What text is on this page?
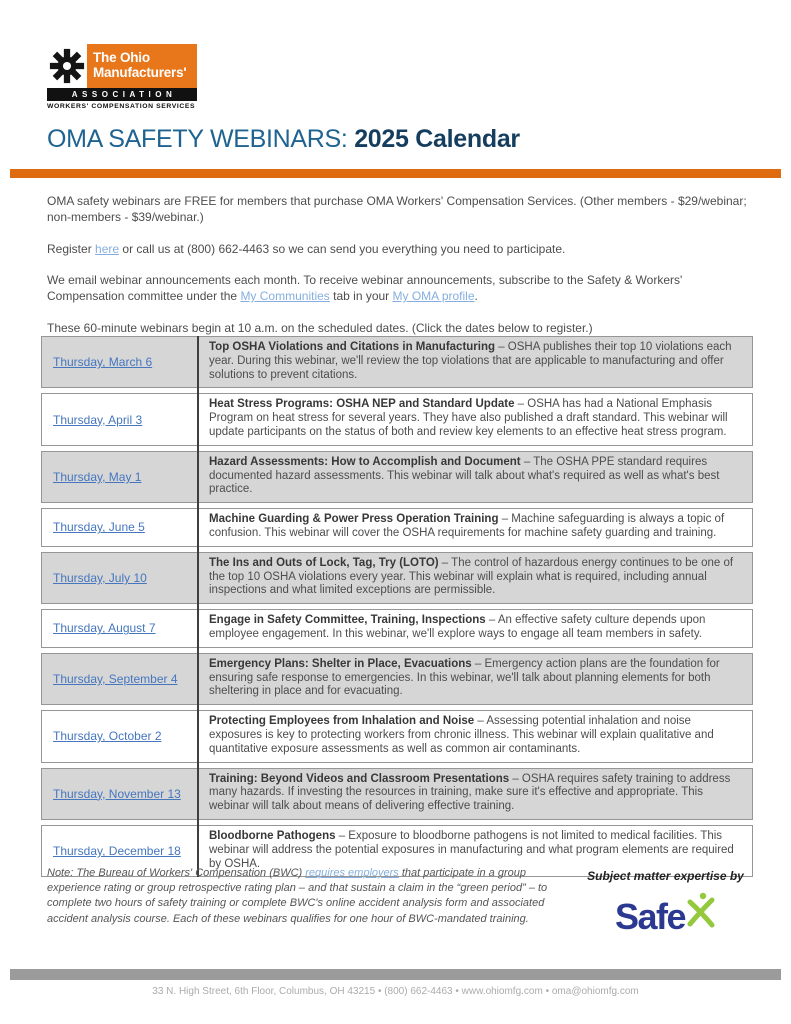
The Ohio
Manufacturers'
ASSOCIATION
WORKERS' COMPENSATION SERVICES
OMA SAFETY WEBINARS: 2025 Calendar

OMA safety webinars are FREE for members that purchase OMA Workers' Compensation Services. (Other members - $29/webinar; non-members - $39/webinar.)

Register here or call us at (800) 662-4463 so we can send you everything you need to participate.

We email webinar announcements each month. To receive webinar announcements, subscribe to the Safety & Workers' Compensation committee under the My Communities tab in your My OMA profile.

These 60-minute webinars begin at 10 a.m. on the scheduled dates. (Click the dates below to register.)

Thursday, March 6
Top OSHA Violations and Citations in Manufacturing – OSHA publishes their top 10 violations each year. During this webinar, we'll review the top violations that are applicable to manufacturing and offer solutions to prevent citations.
Thursday, April 3
Heat Stress Programs: OSHA NEP and Standard Update – OSHA has had a National Emphasis Program on heat stress for several years. They have also published a draft standard. This webinar will update participants on the status of both and review key elements to an effective heat stress program.
Thursday, May 1
Hazard Assessments: How to Accomplish and Document – The OSHA PPE standard requires documented hazard assessments. This webinar will talk about what's required as well as what's best practice.
Thursday, June 5
Machine Guarding & Power Press Operation Training – Machine safeguarding is always a topic of confusion. This webinar will cover the OSHA requirements for machine safety guarding and training.
Thursday, July 10
The Ins and Outs of Lock, Tag, Try (LOTO) – The control of hazardous energy continues to be one of the top 10 OSHA violations every year. This webinar will explain what is required, including annual inspections and what limited exceptions are permissible.
Thursday, August 7
Engage in Safety Committee, Training, Inspections – An effective safety culture depends upon employee engagement. In this webinar, we'll explore ways to engage all team members in safety.
Thursday, September 4
Emergency Plans: Shelter in Place, Evacuations – Emergency action plans are the foundation for ensuring safe response to emergencies. In this webinar, we'll talk about planning elements for both sheltering in place and for evacuating.
Thursday, October 2
Protecting Employees from Inhalation and Noise – Assessing potential inhalation and noise exposures is key to protecting workers from chronic illness. This webinar will explain qualitative and quantitative exposure assessments as well as common air contaminants.
Thursday, November 13
Training: Beyond Videos and Classroom Presentations – OSHA requires safety training to address many hazards. If investing the resources in training, make sure it's effective and appropriate. This webinar will talk about means of delivering effective training.
Thursday, December 18
Bloodborne Pathogens – Exposure to bloodborne pathogens is not limited to medical facilities. This webinar will address the potential exposures in manufacturing and what program elements are required by OSHA.
Note: The Bureau of Workers' Compensation (BWC) requires employers that participate in a group experience rating or group retrospective rating plan – and that sustain a claim in the “green period” – to complete two hours of safety training or complete BWC's online accident analysis form and associated accident analysis course. Each of these webinars qualifies for one hour of BWC-mandated training.
Subject matter expertise by
Safe
33 N. High Street, 6th Floor, Columbus, OH 43215 • (800) 662-4463 • www.ohiomfg.com • oma@ohiomfg.com
